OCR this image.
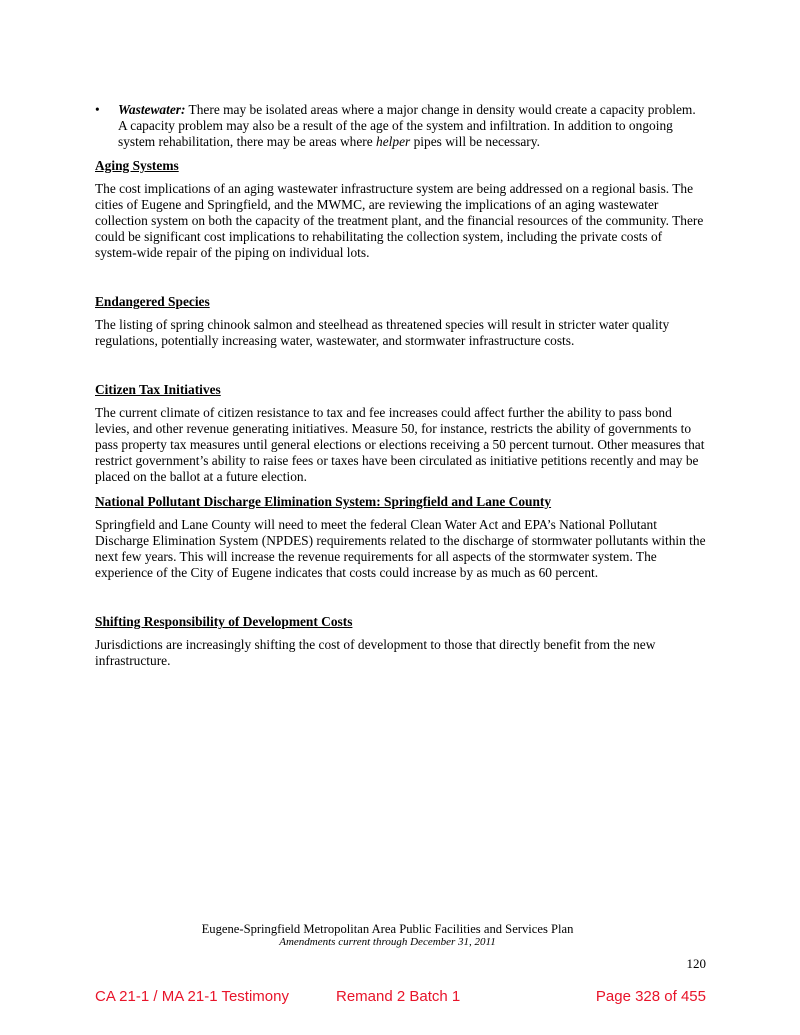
• Wastewater: There may be isolated areas where a major change in density would create a capacity problem. A capacity problem may also be a result of the age of the system and infiltration. In addition to ongoing system rehabilitation, there may be areas where helper pipes will be necessary.
Aging Systems

The cost implications of an aging wastewater infrastructure system are being addressed on a regional basis. The cities of Eugene and Springfield, and the MWMC, are reviewing the implications of an aging wastewater collection system on both the capacity of the treatment plant, and the financial resources of the community. There could be significant cost implications to rehabilitating the collection system, including the private costs of system-wide repair of the piping on individual lots.

Endangered Species

The listing of spring chinook salmon and steelhead as threatened species will result in stricter water quality regulations, potentially increasing water, wastewater, and stormwater infrastructure costs.

Citizen Tax Initiatives

The current climate of citizen resistance to tax and fee increases could affect further the ability to pass bond levies, and other revenue generating initiatives. Measure 50, for instance, restricts the ability of governments to pass property tax measures until general elections or elections receiving a 50 percent turnout. Other measures that restrict government’s ability to raise fees or taxes have been circulated as initiative petitions recently and may be placed on the ballot at a future election.

National Pollutant Discharge Elimination System: Springfield and Lane County

Springfield and Lane County will need to meet the federal Clean Water Act and EPA’s National Pollutant Discharge Elimination System (NPDES) requirements related to the discharge of stormwater pollutants within the next few years. This will increase the revenue requirements for all aspects of the stormwater system. The experience of the City of Eugene indicates that costs could increase by as much as 60 percent.

Shifting Responsibility of Development Costs

Jurisdictions are increasingly shifting the cost of development to those that directly benefit from the new infrastructure.

Eugene-Springfield Metropolitan Area Public Facilities and Services Plan
Amendments current through December 31, 2011
120
CA 21-1 / MA 21-1 Testimony	Remand 2 Batch 1	Page 328 of 455
